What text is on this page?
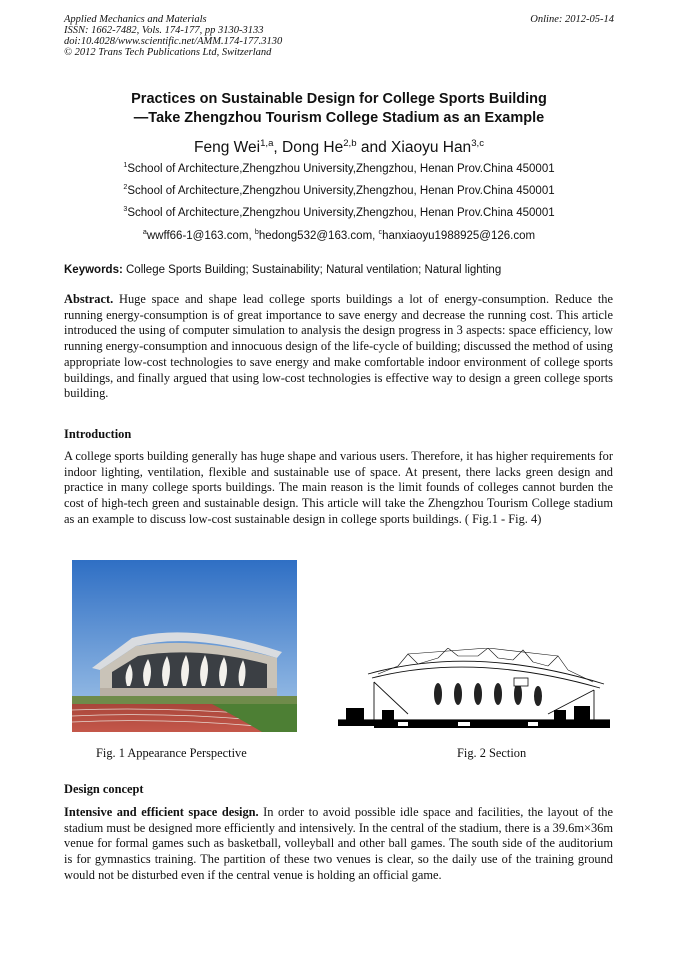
Applied Mechanics and Materials
ISSN: 1662-7482, Vols. 174-177, pp 3130-3133
doi:10.4028/www.scientific.net/AMM.174-177.3130
© 2012 Trans Tech Publications Ltd, Switzerland
Online: 2012-05-14
Practices on Sustainable Design for College Sports Building
—Take Zhengzhou Tourism College Stadium as an Example
Feng Wei$^{1,a}$, Dong He$^{2,b}$ and Xiaoyu Han$^{3,c}$
$^1$School of Architecture,Zhengzhou University,Zhengzhou, Henan Prov.China 450001
$^2$School of Architecture,Zhengzhou University,Zhengzhou, Henan Prov.China 450001
$^3$School of Architecture,Zhengzhou University,Zhengzhou, Henan Prov.China 450001
$^a$wwff66-1@163.com, $^b$hedong532@163.com, $^c$hanxiaoyu1988925@126.com
Keywords: College Sports Building; Sustainability; Natural ventilation; Natural lighting
Abstract. Huge space and shape lead college sports buildings a lot of energy-consumption. Reduce the running energy-consumption is of great importance to save energy and decrease the running cost. This article introduced the using of computer simulation to analysis the design progress in 3 aspects: space efficiency, low running energy-consumption and innocuous design of the life-cycle of building; discussed the method of using appropriate low-cost technologies to save energy and make comfortable indoor environment of college sports buildings, and finally argued that using low-cost technologies is effective way to design a green college sports building.
Introduction
A college sports building generally has huge shape and various users. Therefore, it has higher requirements for indoor lighting, ventilation, flexible and sustainable use of space. At present, there lacks green design and practice in many college sports buildings. The main reason is the limit founds of colleges cannot burden the cost of high-tech green and sustainable design. This article will take the Zhengzhou Tourism College stadium as an example to discuss low-cost sustainable design in college sports buildings. ( Fig.1 - Fig. 4)
Fig. 1 Appearance Perspective	Fig. 2 Section
Design concept
Intensive and efficient space design. In order to avoid possible idle space and facilities, the layout of the stadium must be designed more efficiently and intensively. In the central of the stadium, there is a 39.6m×36m venue for formal games such as basketball, volleyball and other ball games. The south side of the auditorium is for gymnastics training. The partition of these two venues is clear, so the daily use of the training ground would not be disturbed even if the central venue is holding an official game.
